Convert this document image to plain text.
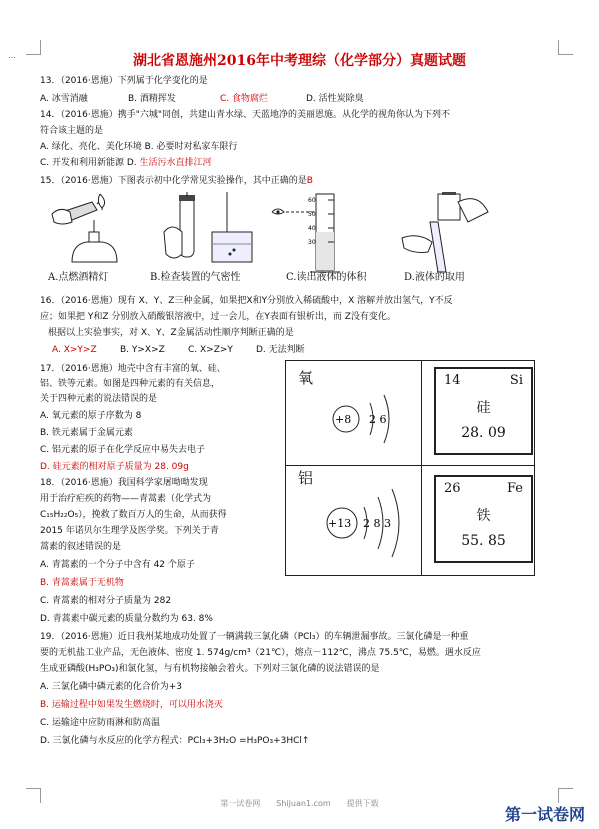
…	湖北省恩施州2016年中考理综（化学部分）真题试题
13．（2016·恩施）下列属于化学变化的是
A. 冰雪消融	B. 酒精挥发	C. 食物腐烂	D. 活性炭除臭
14．（2016·恩施）携手"六城"同创，共建山青水绿、天蓝地净的美丽恩施。从化学的视角你认为下列不
符合该主题的是
A. 绿化、亮化、美化环境 B. 必要时对私家车限行
C. 开发和利用新能源 D. 生活污水直排江河
15．（2016·恩施）下图表示初中化学常见实验操作，其中正确的是B
A.点燃酒精灯	B.检查装置的气密性
60
50
40
30
C.读出液体的体积	D.液体的取用
16．（2016·恩施）现有 X、Y、Z三种金属，如果把X和Y分别放入稀硫酸中，X 溶解并放出氢气，Y不反
应；如果把 Y和Z 分别放入硝酸银溶液中，过一会儿，在Y表面有银析出，而 Z没有变化。
根据以上实验事实，对 X、Y、Z金属活动性顺序判断正确的是
A. X>Y>Z	B. Y>X>Z	C. X>Z>Y	D. 无法判断
17．（2016·恩施）地壳中含有丰富的氧、硅、
铝、铁等元素。如图是四种元素的有关信息，
关于四种元素的说法错误的是
A. 氧元素的原子序数为 8
B. 铁元素属于金属元素
C. 铝元素的原子在化学反应中易失去电子
D. 硅元素的相对原子质量为 28. 09g
氧
+8 2 6
14	Si
硅
28. 09
铝
+13 2 8 3
26	Fe
铁
55. 85
18．（2016·恩施）我国科学家屠呦呦发现
用于治疗疟疾的药物——青蒿素（化学式为
C₁₅H₂₂O₅），挽救了数百万人的生命，从而获得
2015 年诺贝尔生理学及医学奖。下列关于青
蒿素的叙述错误的是
A. 青蒿素的一个分子中含有 42 个原子
B. 青蒿素属于无机物
C. 青蒿素的相对分子质量为 282
D. 青蒿素中碳元素的质量分数约为 63. 8%
19．（2016·恩施）近日我州某地成功处置了一辆满载三氯化磷（PCl₃）的车辆泄漏事故。三氯化磷是一种重
要的无机盐工业产品，无色液体、密度 1. 574g/cm³（21℃），熔点－112℃，沸点 75.5℃，易燃。遇水反应
生成亚磷酸(H₃PO₃)和氯化氢，与有机物接触会着火。下列对三氯化磷的说法错误的是
A. 三氯化磷中磷元素的化合价为+3
B. 运输过程中如果发生燃烧时，可以用水浇灭
C. 运输途中应防雨淋和防高温
D. 三氯化磷与水反应的化学方程式：PCl₃+3H₂O =H₃PO₃+3HCl↑
第一试卷网　　Shijuan1.com　　提供下载
第一试卷网
